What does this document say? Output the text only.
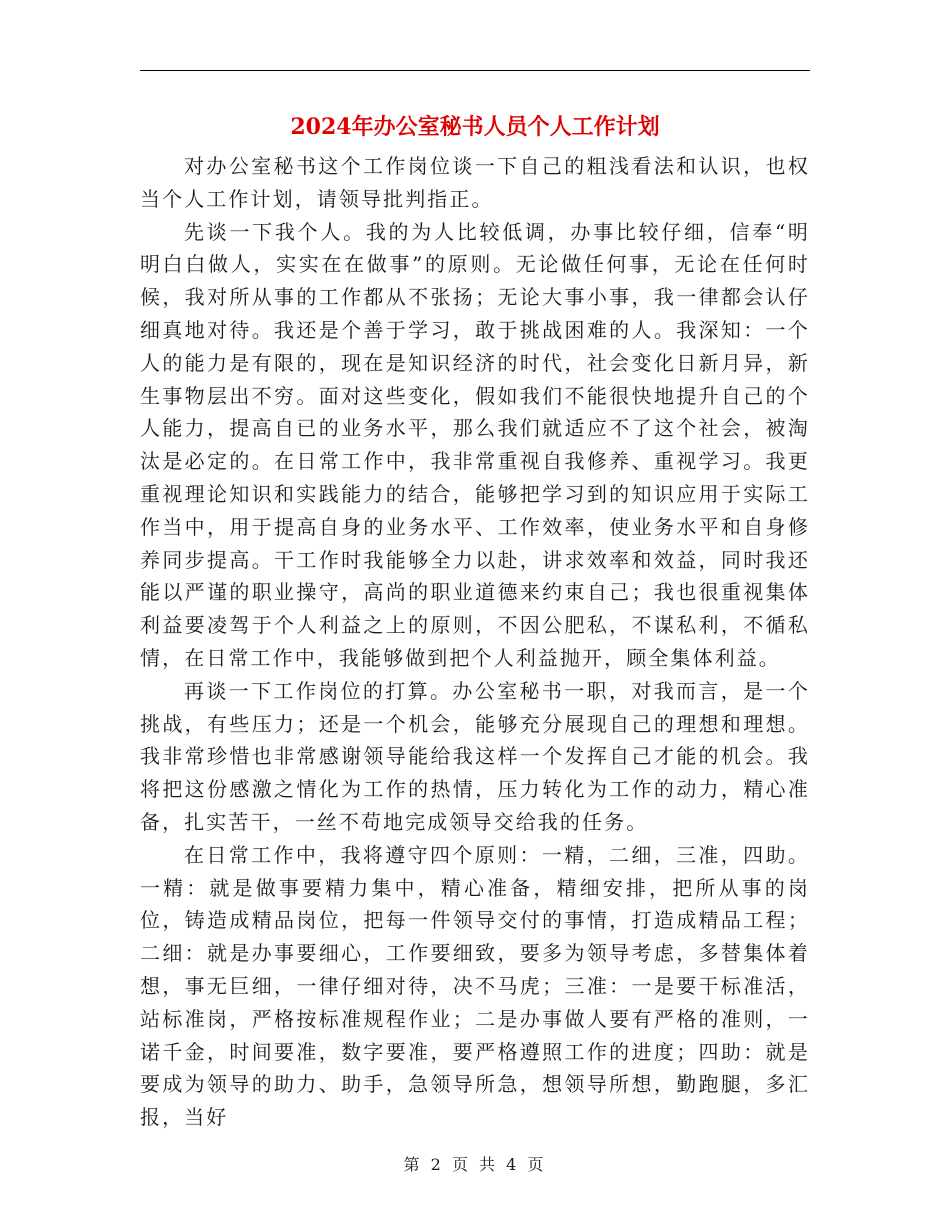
2024年办公室秘书人员个人工作计划

对办公室秘书这个工作岗位谈一下自己的粗浅看法和认识，也权当个人工作计划，请领导批判指正。

先谈一下我个人。我的为人比较低调，办事比较仔细，信奉“明明白白做人，实实在在做事”的原则。无论做任何事，无论在任何时候，我对所从事的工作都从不张扬；无论大事小事，我一律都会认仔细真地对待。我还是个善于学习，敢于挑战困难的人。我深知：一个人的能力是有限的，现在是知识经济的时代，社会变化日新月异，新生事物层出不穷。面对这些变化，假如我们不能很快地提升自己的个人能力，提高自已的业务水平，那么我们就适应不了这个社会，被淘汰是必定的。在日常工作中，我非常重视自我修养、重视学习。我更重视理论知识和实践能力的结合，能够把学习到的知识应用于实际工作当中，用于提高自身的业务水平、工作效率，使业务水平和自身修养同步提高。干工作时我能够全力以赴，讲求效率和效益，同时我还能以严谨的职业操守，高尚的职业道德来约束自己；我也很重视集体利益要凌驾于个人利益之上的原则，不因公肥私，不谋私利，不循私情，在日常工作中，我能够做到把个人利益抛开，顾全集体利益。

再谈一下工作岗位的打算。办公室秘书一职，对我而言，是一个挑战，有些压力；还是一个机会，能够充分展现自己的理想和理想。我非常珍惜也非常感谢领导能给我这样一个发挥自己才能的机会。我将把这份感激之情化为工作的热情，压力转化为工作的动力，精心准备，扎实苦干，一丝不苟地完成领导交给我的任务。

在日常工作中，我将遵守四个原则：一精，二细，三准，四助。一精：就是做事要精力集中，精心准备，精细安排，把所从事的岗位，铸造成精品岗位，把每一件领导交付的事情，打造成精品工程；二细：就是办事要细心，工作要细致，要多为领导考虑，多替集体着想，事无巨细，一律仔细对待，决不马虎；三准：一是要干标准活，站标准岗，严格按标准规程作业；二是办事做人要有严格的准则，一诺千金，时间要准，数字要准，要严格遵照工作的进度；四助：就是要成为领导的助力、助手，急领导所急，想领导所想，勤跑腿，多汇报，当好

第 2 页 共 4 页
